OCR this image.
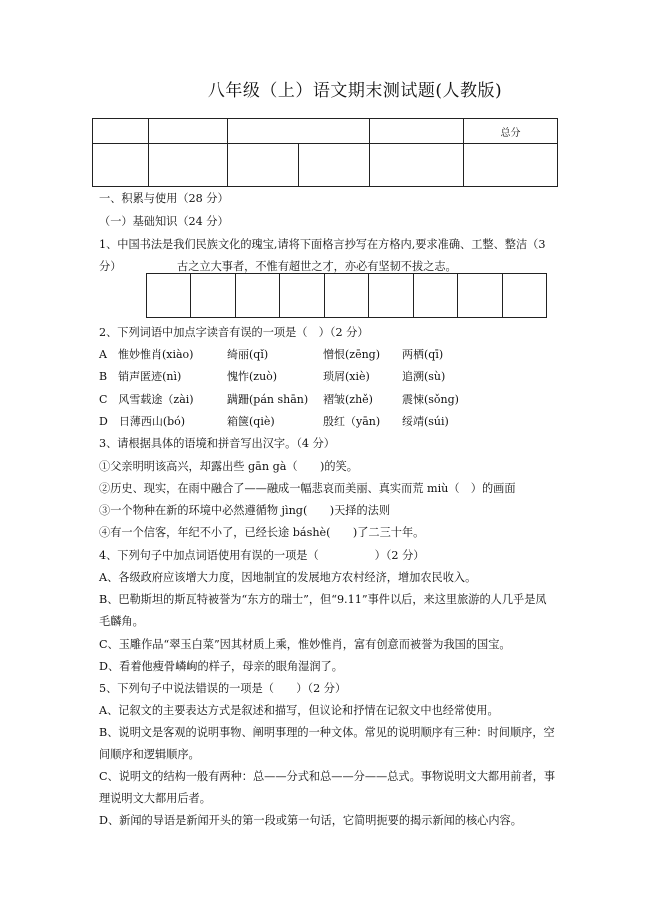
八年级（上）语文期末测试题(人教版)
					总分

一、积累与使用（28 分）
（一）基础知识（24 分）
1、中国书法是我们民族文化的瑰宝,请将下面格言抄写在方格内,要求准确、工整、整洁（3
分）	古之立大事者，不惟有超世之才，亦必有坚韧不拔之志。
2、下列词语中加点字读音有误的一项是（　）（2 分）
A　惟妙惟肖(xiào)	绮丽(qǐ)	憎恨(zēng) 两栖(qī)
B　销声匿迹(nì)	愧怍(zuò)	琐屑(xiè)	追溯(sù)
C　风雪载途（zài)	蹒跚(pán shān) 褶皱(zhě)	震悚(sǒng)
D　日薄西山(bó)	箱箧(qiè)	殷红（yān) 绥靖(súi)
3、请根据具体的语境和拼音写出汉字。（4 分）
①父亲明明该高兴，却露出些 gān gà（　　)的笑。
②历史、现实，在雨中融合了——融成一幅悲哀而美丽、真实而荒 miù（　）的画面
③一个物种在新的环境中必然遵循物 jìng(　　)天择的法则
④有一个信客，年纪不小了，已经长途 báshè(　　)了二三十年。
4、下列句子中加点词语使用有误的一项是（　　　　　）（2 分）
A、各级政府应该增大力度，因地制宜的发展地方农村经济，增加农民收入。
B、巴勒斯坦的斯瓦特被誉为“东方的瑞士”，但“9.11”事件以后，来这里旅游的人几乎是凤
毛麟角。
C、玉雕作品“翠玉白菜”因其材质上乘，惟妙惟肖，富有创意而被誉为我国的国宝。
D、看着他瘦骨嶙峋的样子，母亲的眼角湿润了。
5、下列句子中说法错误的一项是（　　）（2 分）
A、记叙文的主要表达方式是叙述和描写，但议论和抒情在记叙文中也经常使用。
B、说明文是客观的说明事物、阐明事理的一种文体。常见的说明顺序有三种：时间顺序，空
间顺序和逻辑顺序。
C、说明文的结构一般有两种：总——分式和总——分——总式。事物说明文大都用前者，事
理说明文大都用后者。
D、新闻的导语是新闻开头的第一段或第一句话，它简明扼要的揭示新闻的核心内容。
